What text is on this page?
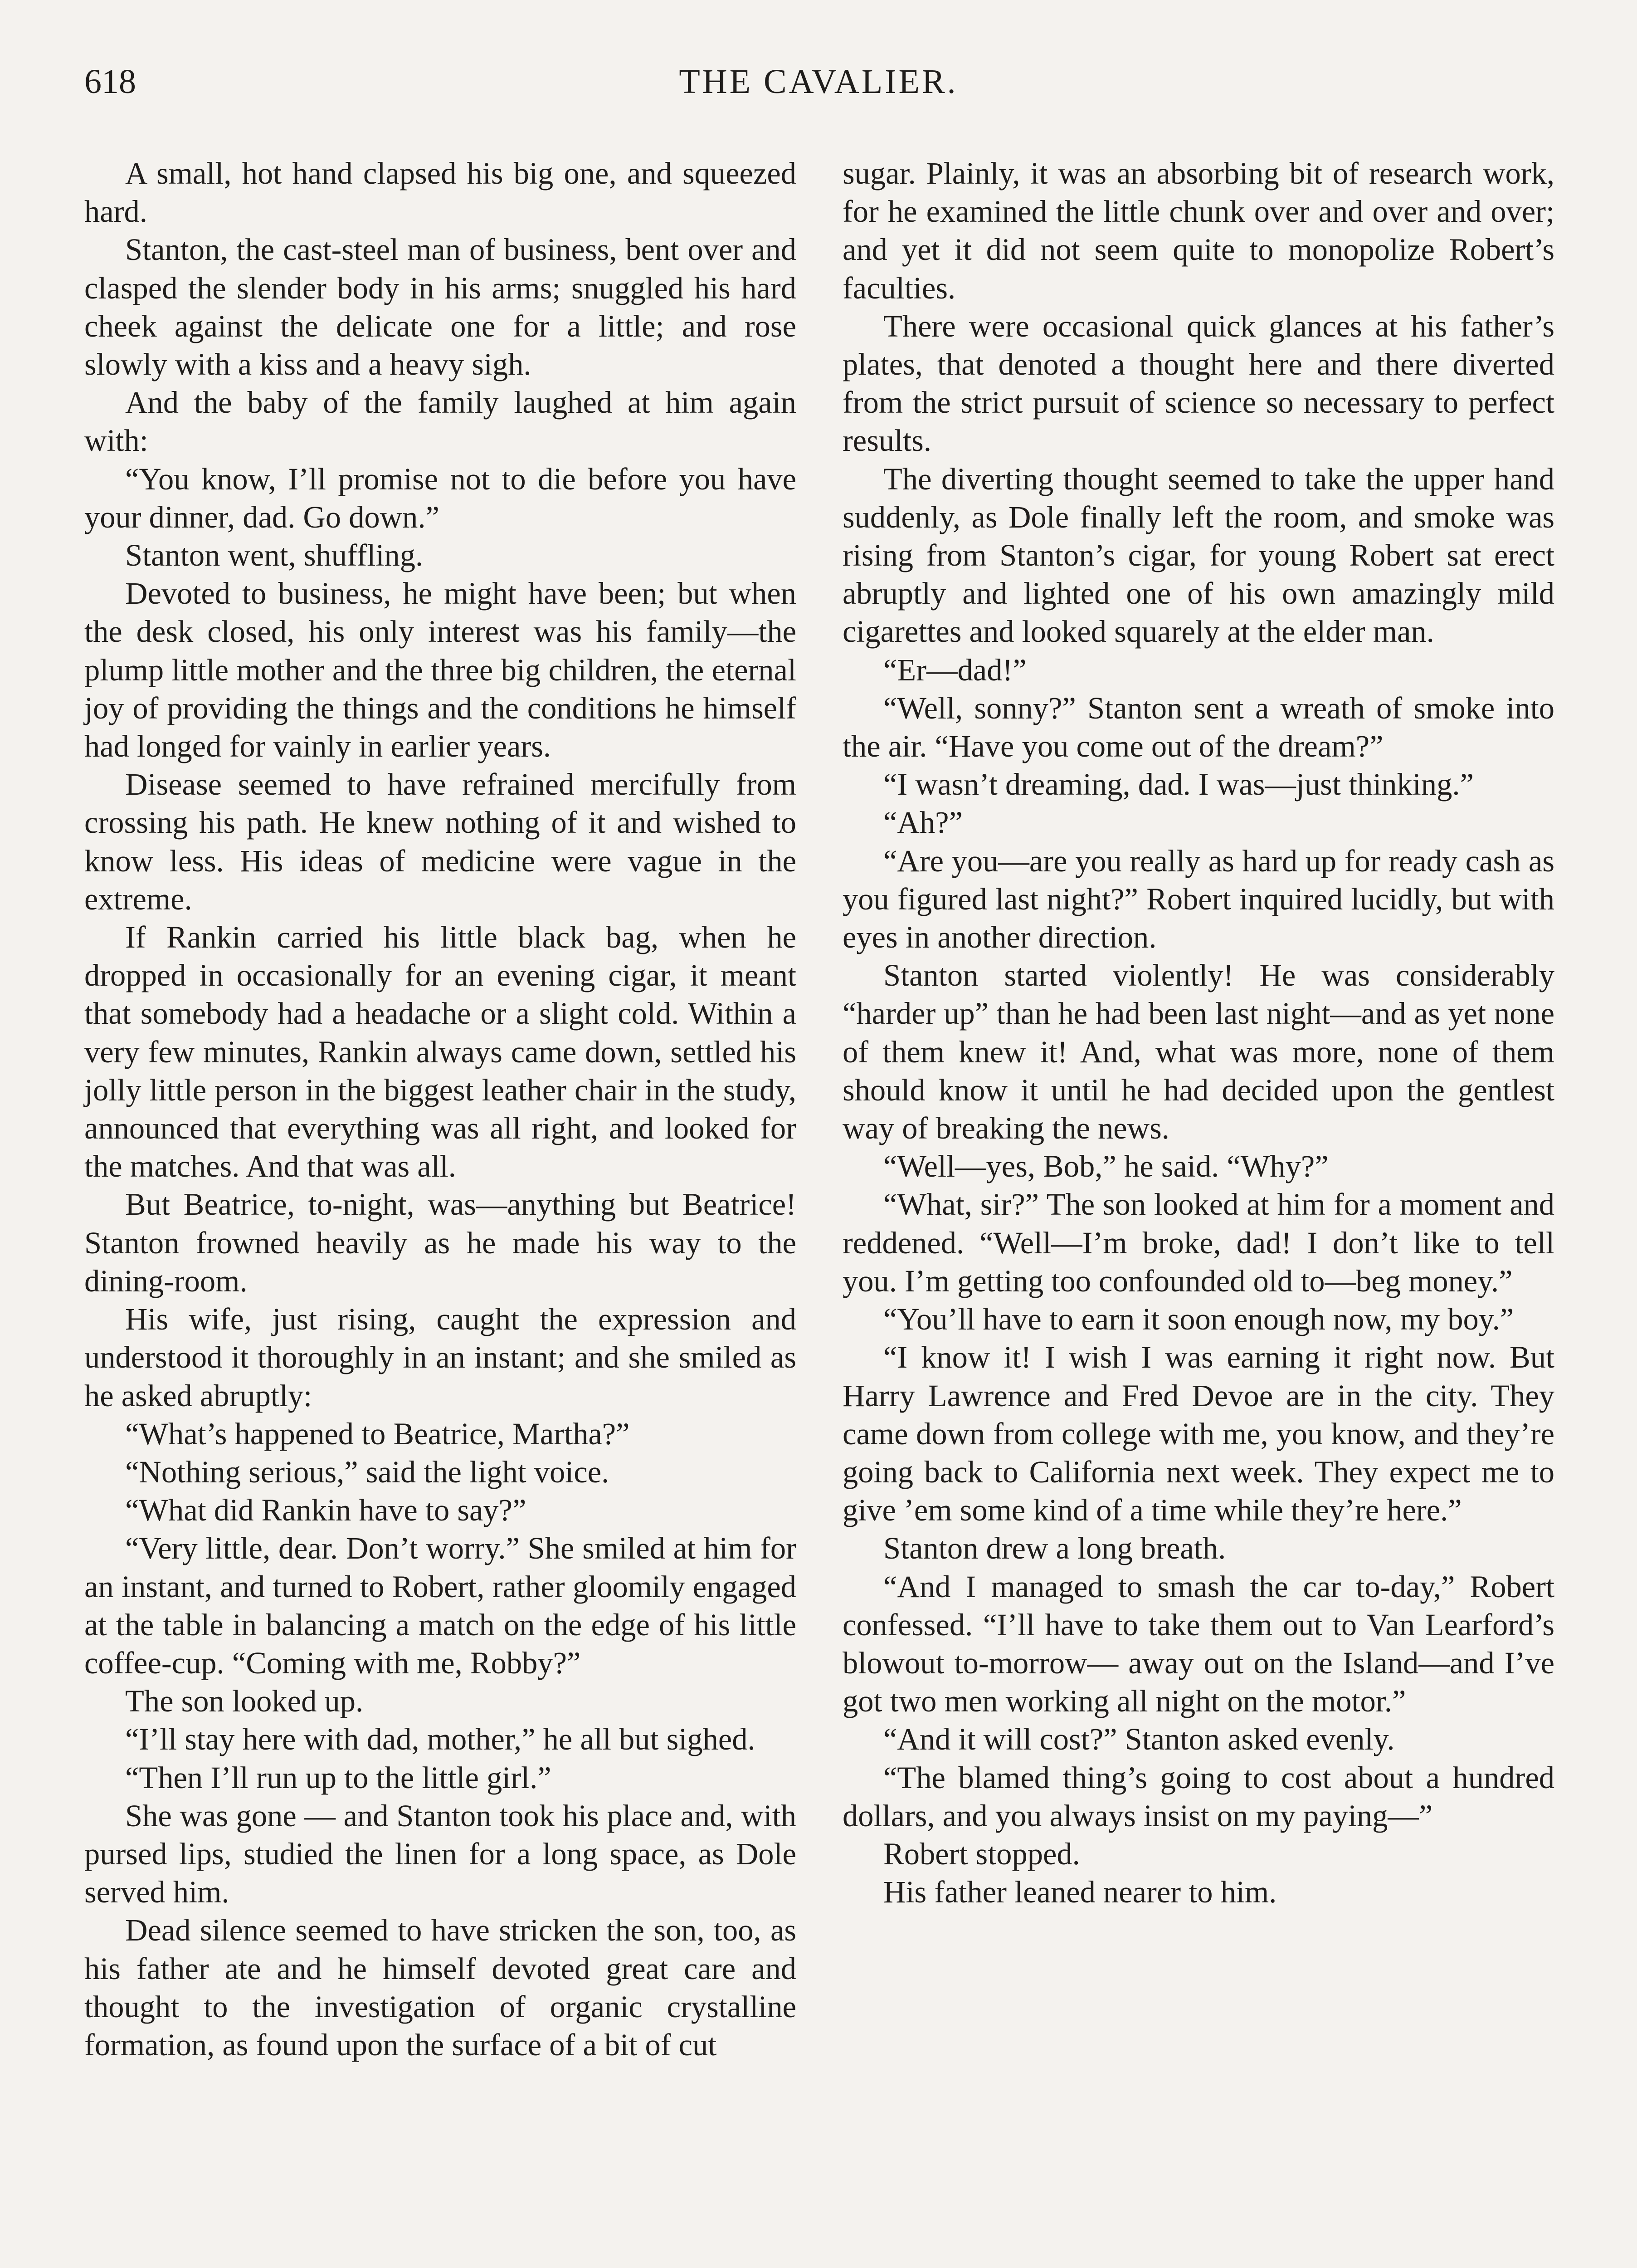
618	THE CAVALIER.

A small, hot hand clapsed his big one, and squeezed hard.

Stanton, the cast-steel man of business, bent over and clasped the slender body in his arms; snuggled his hard cheek against the delicate one for a little; and rose slowly with a kiss and a heavy sigh.

And the baby of the family laughed at him again with:

“You know, I’ll promise not to die before you have your dinner, dad. Go down.”

Stanton went, shuffling.

Devoted to business, he might have been; but when the desk closed, his only interest was his family—the plump little mother and the three big children, the eternal joy of providing the things and the conditions he himself had longed for vainly in earlier years.

Disease seemed to have refrained mercifully from crossing his path. He knew nothing of it and wished to know less. His ideas of medicine were vague in the extreme.

If Rankin carried his little black bag, when he dropped in occasionally for an evening cigar, it meant that somebody had a headache or a slight cold. Within a very few minutes, Rankin always came down, settled his jolly little person in the biggest leather chair in the study, announced that everything was all right, and looked for the matches. And that was all.

But Beatrice, to-night, was—anything but Beatrice! Stanton frowned heavily as he made his way to the dining-room.

His wife, just rising, caught the expression and understood it thoroughly in an instant; and she smiled as he asked abruptly:

“What’s happened to Beatrice, Martha?”

“Nothing serious,” said the light voice.

“What did Rankin have to say?”

“Very little, dear. Don’t worry.” She smiled at him for an instant, and turned to Robert, rather gloomily engaged at the table in balancing a match on the edge of his little coffee-cup. “Coming with me, Robby?”

The son looked up.

“I’ll stay here with dad, mother,” he all but sighed.

“Then I’ll run up to the little girl.”

She was gone — and Stanton took his place and, with pursed lips, studied the linen for a long space, as Dole served him.

Dead silence seemed to have stricken the son, too, as his father ate and he himself devoted great care and thought to the investigation of organic crystalline formation, as found upon the surface of a bit of cut

sugar. Plainly, it was an absorbing bit of research work, for he examined the little chunk over and over and over; and yet it did not seem quite to monopolize Robert’s faculties.

There were occasional quick glances at his father’s plates, that denoted a thought here and there diverted from the strict pursuit of science so necessary to perfect results.

The diverting thought seemed to take the upper hand suddenly, as Dole finally left the room, and smoke was rising from Stanton’s cigar, for young Robert sat erect abruptly and lighted one of his own amazingly mild cigarettes and looked squarely at the elder man.

“Er—dad!”

“Well, sonny?” Stanton sent a wreath of smoke into the air. “Have you come out of the dream?”

“I wasn’t dreaming, dad. I was—just thinking.”

“Ah?”

“Are you—are you really as hard up for ready cash as you figured last night?” Robert inquired lucidly, but with eyes in another direction.

Stanton started violently! He was considerably “harder up” than he had been last night—and as yet none of them knew it! And, what was more, none of them should know it until he had decided upon the gentlest way of breaking the news.

“Well—yes, Bob,” he said. “Why?”

“What, sir?” The son looked at him for a moment and reddened. “Well—I’m broke, dad! I don’t like to tell you. I’m getting too confounded old to—beg money.”

“You’ll have to earn it soon enough now, my boy.”

“I know it! I wish I was earning it right now. But Harry Lawrence and Fred Devoe are in the city. They came down from college with me, you know, and they’re going back to California next week. They expect me to give ’em some kind of a time while they’re here.”

Stanton drew a long breath.

“And I managed to smash the car to-day,” Robert confessed. “I’ll have to take them out to Van Learford’s blowout to-morrow— away out on the Island—and I’ve got two men working all night on the motor.”

“And it will cost?” Stanton asked evenly.

“The blamed thing’s going to cost about a hundred dollars, and you always insist on my paying—”

Robert stopped.

His father leaned nearer to him.
